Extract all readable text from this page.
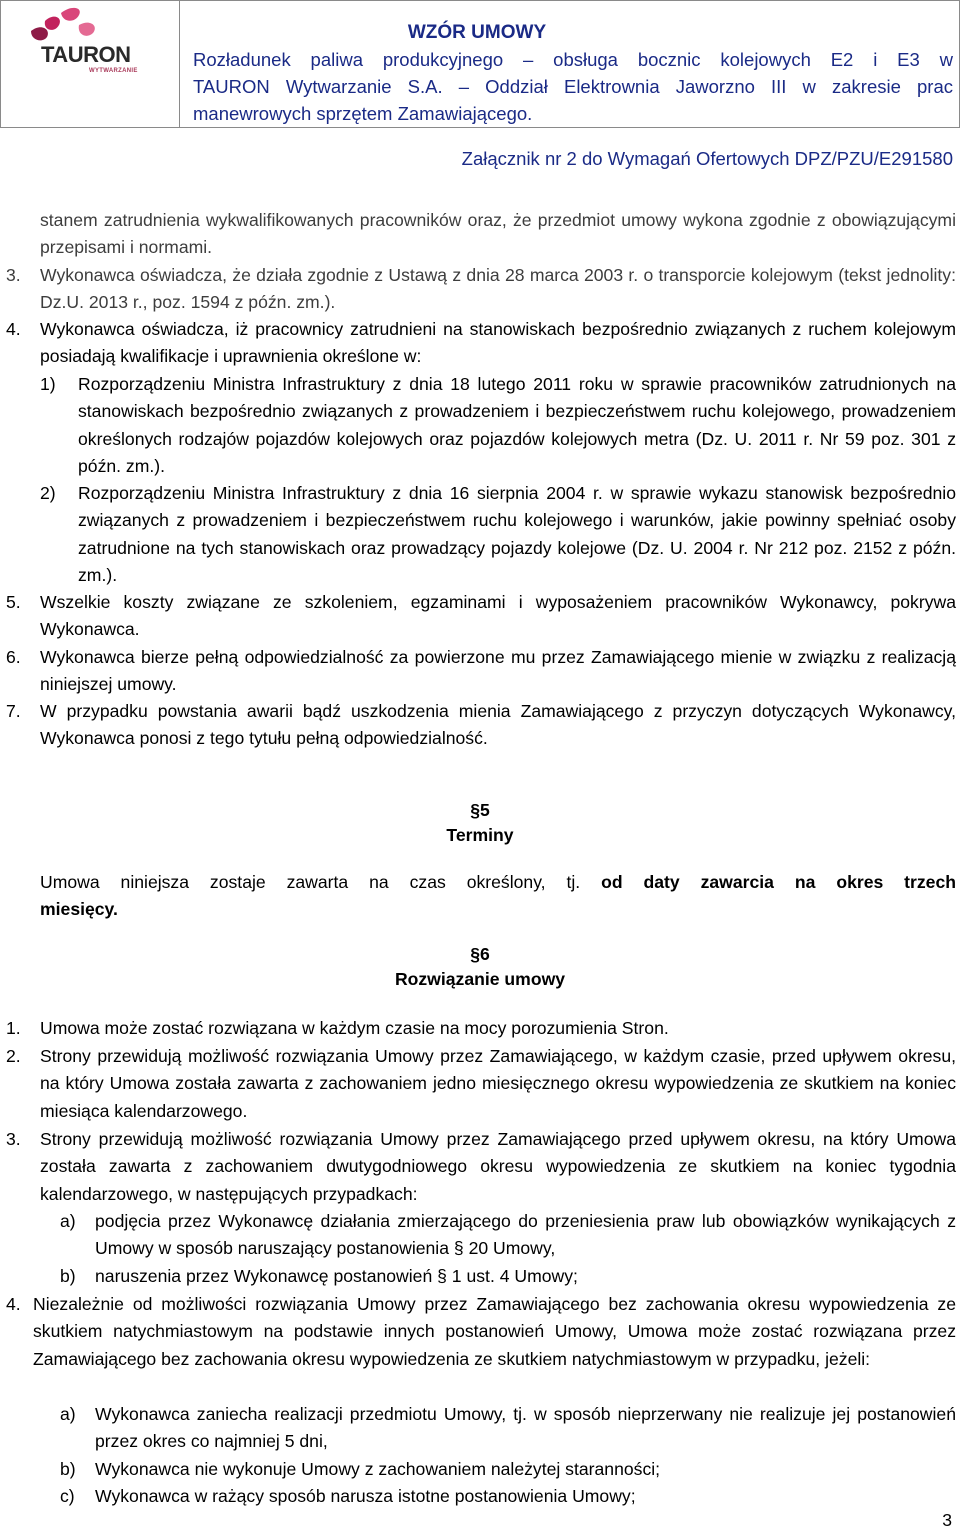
TAURON
WYTWARZANIE
WZÓR UMOWY
Rozładunek paliwa produkcyjnego – obsługa bocznic kolejowych E2 i E3 w
TAURON Wytwarzanie S.A. – Oddział Elektrownia Jaworzno III w zakresie prac
manewrowych sprzętem Zamawiającego.
Załącznik nr 2 do Wymagań Ofertowych DPZ/PZU/E291580
stanem zatrudnienia wykwalifikowanych pracowników oraz, że przedmiot umowy wykona zgodnie z obowiązującymi przepisami i normami.
3. Wykonawca oświadcza, że działa zgodnie z Ustawą z dnia 28 marca 2003 r. o transporcie kolejowym (tekst jednolity: Dz.U. 2013 r., poz. 1594 z późn. zm.).
4. Wykonawca oświadcza, iż pracownicy zatrudnieni na stanowiskach bezpośrednio związanych z ruchem kolejowym posiadają kwalifikacje i uprawnienia określone w:
1) Rozporządzeniu Ministra Infrastruktury z dnia 18 lutego 2011 roku w sprawie pracowników zatrudnionych na stanowiskach bezpośrednio związanych z prowadzeniem i bezpieczeństwem ruchu kolejowego, prowadzeniem określonych rodzajów pojazdów kolejowych oraz pojazdów kolejowych metra (Dz. U. 2011 r. Nr 59 poz. 301 z późn. zm.).
2) Rozporządzeniu Ministra Infrastruktury z dnia 16 sierpnia 2004 r. w sprawie wykazu stanowisk bezpośrednio związanych z prowadzeniem i bezpieczeństwem ruchu kolejowego i warunków, jakie powinny spełniać osoby zatrudnione na tych stanowiskach oraz prowadzący pojazdy kolejowe (Dz. U. 2004 r. Nr 212 poz. 2152 z późn. zm.).
5. Wszelkie koszty związane ze szkoleniem, egzaminami i wyposażeniem pracowników Wykonawcy, pokrywa Wykonawca.
6. Wykonawca bierze pełną odpowiedzialność za powierzone mu przez Zamawiającego mienie w związku z realizacją niniejszej umowy.
7. W przypadku powstania awarii bądź uszkodzenia mienia Zamawiającego z przyczyn dotyczących Wykonawcy, Wykonawca ponosi z tego tytułu pełną odpowiedzialność.
§5
Terminy
Umowa niniejsza zostaje zawarta na czas określony, tj. od daty zawarcia na okres trzech
miesięcy.
§6
Rozwiązanie umowy
1. Umowa może zostać rozwiązana w każdym czasie na mocy porozumienia Stron.
2. Strony przewidują możliwość rozwiązania Umowy przez Zamawiającego, w każdym czasie, przed upływem okresu, na który Umowa została zawarta z zachowaniem jedno miesięcznego okresu wypowiedzenia ze skutkiem na koniec miesiąca kalendarzowego.
3. Strony przewidują możliwość rozwiązania Umowy przez Zamawiającego przed upływem okresu, na który Umowa została zawarta z zachowaniem dwutygodniowego okresu wypowiedzenia ze skutkiem na koniec tygodnia kalendarzowego, w następujących przypadkach:
a) podjęcia przez Wykonawcę działania zmierzającego do przeniesienia praw lub obowiązków wynikających z Umowy w sposób naruszający postanowienia § 20 Umowy,
b) naruszenia przez Wykonawcę postanowień § 1 ust. 4 Umowy;
4. Niezależnie od możliwości rozwiązania Umowy przez Zamawiającego bez zachowania okresu wypowiedzenia ze skutkiem natychmiastowym na podstawie innych postanowień Umowy, Umowa może zostać rozwiązana przez Zamawiającego bez zachowania okresu wypowiedzenia ze skutkiem natychmiastowym w przypadku, jeżeli:
a) Wykonawca zaniecha realizacji przedmiotu Umowy, tj. w sposób nieprzerwany nie realizuje jej postanowień przez okres co najmniej 5 dni,
b) Wykonawca nie wykonuje Umowy z zachowaniem należytej staranności;
c) Wykonawca w rażący sposób narusza istotne postanowienia Umowy;
3
